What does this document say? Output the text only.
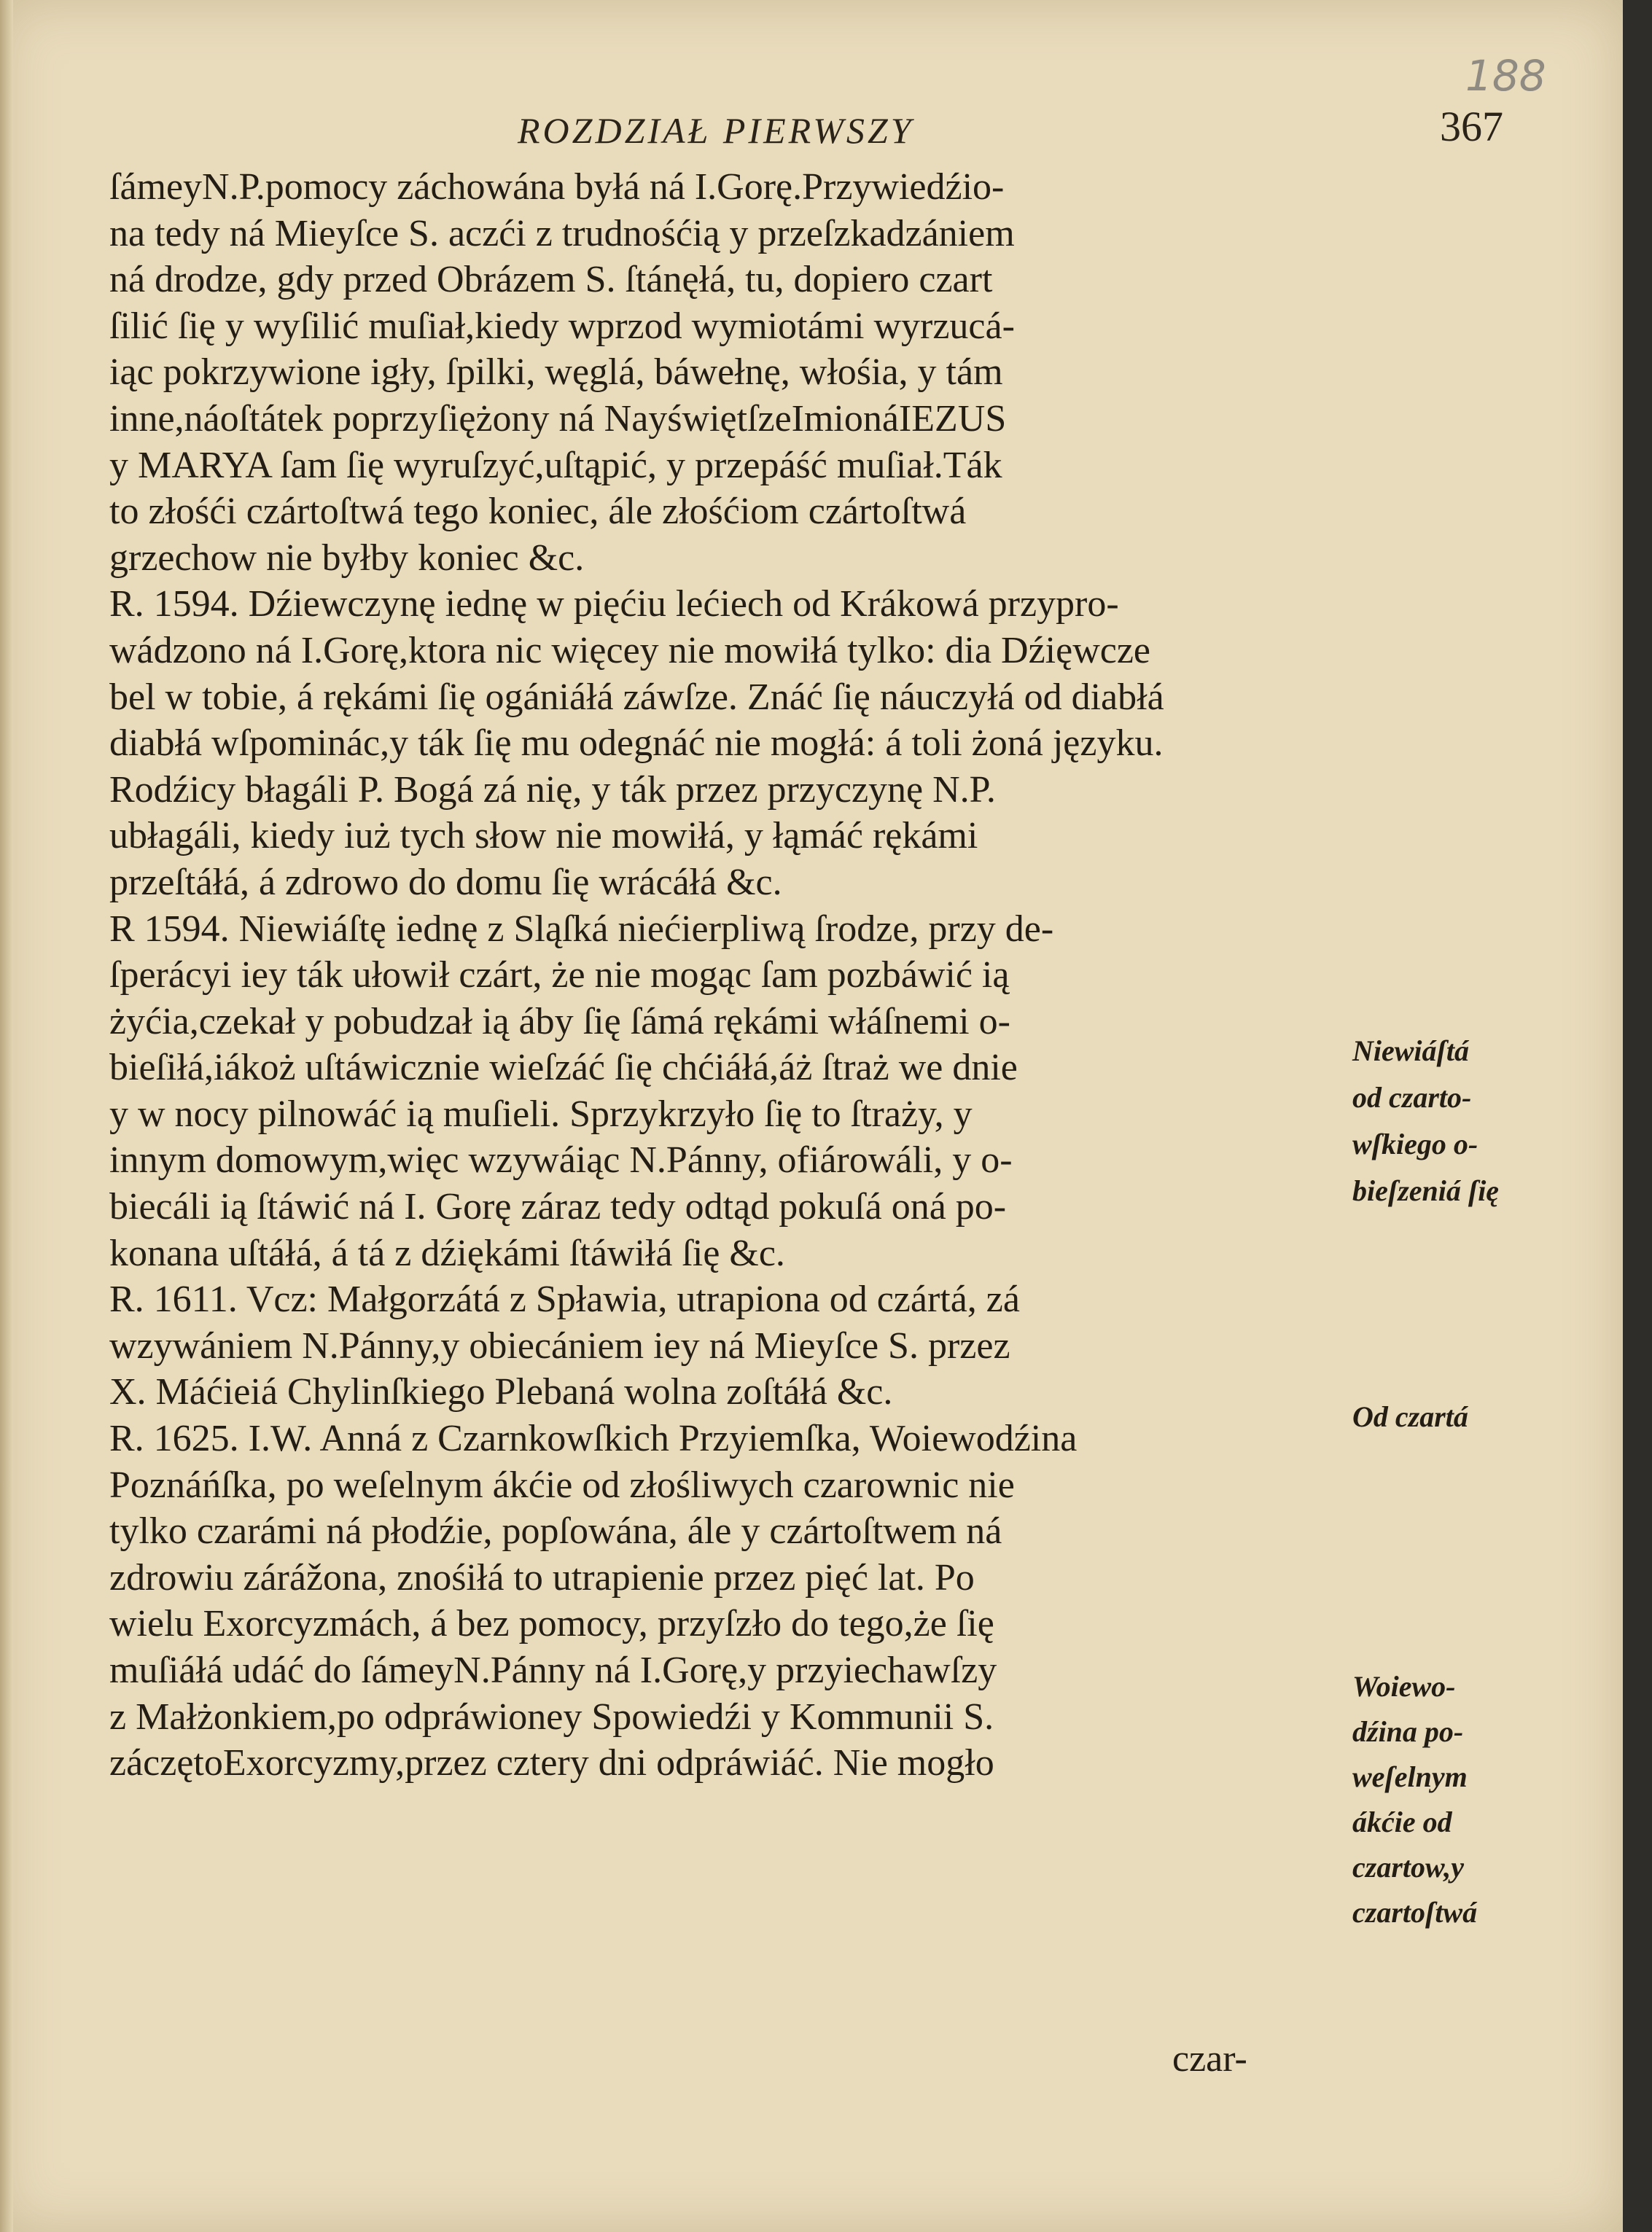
188
ROZDZIAŁ PIERWSZY	367
ſámeyN.P.pomocy záchowána byłá ná I.Gorę.Przywiedźio-
na tedy ná Mieyſce S. aczći z trudnośćią y przeſzkadzániem
ná drodze, gdy przed Obrázem S. ſtánęłá, tu, dopiero czart
ſilić ſię y wyſilić muſiał,kiedy wprzod wymiotámi wyrzucá-
iąc pokrzywione igły, ſpilki, węglá, báwełnę, włośia, y tám
inne,náoſtátek poprzyſiężony ná NayświętſzeImionáIEZUS
y MARYA ſam ſię wyruſzyć,uſtąpić, y przepáść muſiał.Ták
to złośći czártoſtwá tego koniec, ále złośćiom czártoſtwá
grzechow nie byłby koniec &c.
R. 1594. Dźiewczynę iednę w pięćiu lećiech od Krákowá przypro-
wádzono ná I.Gorę,ktora nic więcey nie mowiłá tylko: dia Dźięwcze
bel w tobie, á rękámi ſię ogániáłá záwſze. Znáć ſię náuczyłá od diabłá
diabłá wſpominác,y ták ſię mu odegnáć nie mogłá: á toli żoná języku.
Rodźicy błagáli P. Bogá zá nię, y ták przez przyczynę N.P.
ubłagáli, kiedy iuż tych słow nie mowiłá, y łąmáć rękámi
przeſtáłá, á zdrowo do domu ſię wrácáłá &c.
R 1594. Niewiáſtę iednę z Sląſká niećierpliwą ſrodze, przy de-
ſperácyi iey ták ułowił czárt, że nie mogąc ſam pozbáwić ią
żyćia,czekał y pobudzał ią áby ſię ſámá rękámi włáſnemi o-
bieſiłá,iákoż uſtáwicznie wieſzáć ſię chćiáłá,áż ſtraż we dnie
y w nocy pilnowáć ią muſieli. Sprzykrzyło ſię to ſtraży, y
innym domowym,więc wzywáiąc N.Pánny, ofiárowáli, y o-
biecáli ią ſtáwić ná I. Gorę záraz tedy odtąd pokuſá oná po-
konana uſtáłá, á tá z dźiękámi ſtáwiłá ſię &c.
R. 1611. Vcz: Małgorzátá z Spławia, utrapiona od czártá, zá
wzywániem N.Pánny,y obiecániem iey ná Mieyſce S. przez
X. Máćieiá Chylinſkiego Plebaná wolna zoſtáłá &c.
R. 1625. I.W. Anná z Czarnkowſkich Przyiemſka, Woiewodźina
Poznáńſka, po weſelnym ákćie od złośliwych czarownic nie
tylko czarámi ná płodźie, popſowána, ále y czártoſtwem ná
zdrowiu zárážona, znośiłá to utrapienie przez pięć lat. Po
wielu Exorcyzmách, á bez pomocy, przyſzło do tego,że ſię
muſiáłá udáć do ſámeyN.Pánny ná I.Gorę,y przyiechawſzy
z Małżonkiem,po odpráwioney Spowiedźi y Kommunii S.
záczętoExorcyzmy,przez cztery dni odpráwiáć. Nie mogło
Niewiáſtá
od czarto-
wſkiego o-
bieſzeniá ſię
Od czartá
Woiewo-
dźina po-
weſelnym
ákćie od
czartow,y
czartoſtwá
czar-
